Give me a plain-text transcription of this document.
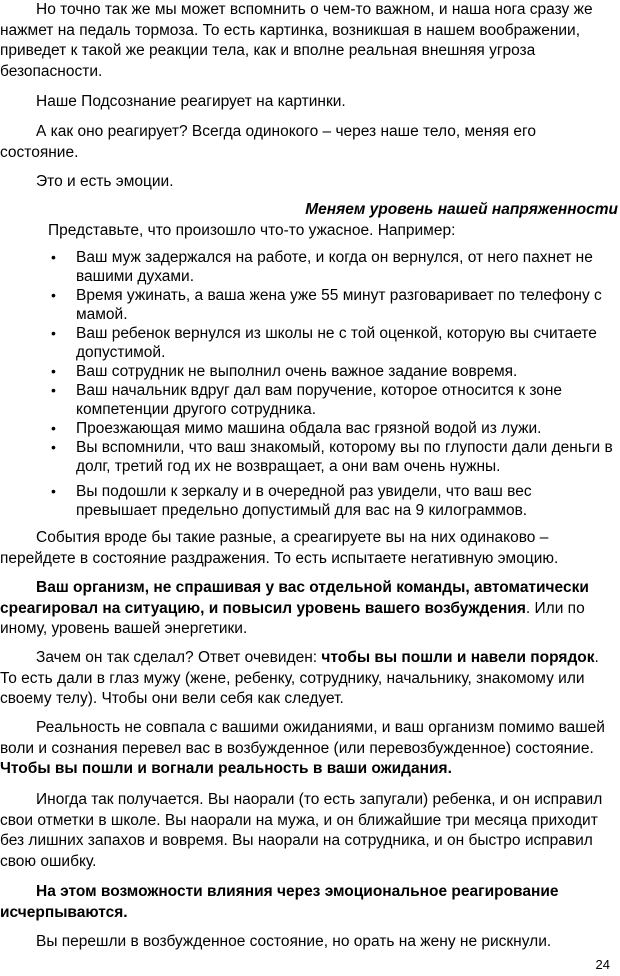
Но точно так же мы может вспомнить о чем-то важном, и наша нога сразу же нажмет на педаль тормоза. То есть картинка, возникшая в нашем воображении, приведет к такой же реакции тела, как и вполне реальная внешняя угроза безопасности.

Наше Подсознание реагирует на картинки.

А как оно реагирует? Всегда одинокого – через наше тело, меняя его состояние.

Это и есть эмоции.

Меняем уровень нашей напряженности

Представьте, что произошло что-то ужасное. Например:

• Ваш муж задержался на работе, и когда он вернулся, от него пахнет не вашими духами.
• Время ужинать, а ваша жена уже 55 минут разговаривает по телефону с мамой.
• Ваш ребенок вернулся из школы не с той оценкой, которую вы считаете допустимой.
• Ваш сотрудник не выполнил очень важное задание вовремя.
• Ваш начальник вдруг дал вам поручение, которое относится к зоне компетенции другого сотрудника.
• Проезжающая мимо машина обдала вас грязной водой из лужи.
• Вы вспомнили, что ваш знакомый, которому вы по глупости дали деньги в долг, третий год их не возвращает, а они вам очень нужны.
• Вы подошли к зеркалу и в очередной раз увидели, что ваш вес превышает предельно допустимый для вас на 9 килограммов.

События вроде бы такие разные, а среагируете вы на них одинаково – перейдете в состояние раздражения. То есть испытаете негативную эмоцию.

Ваш организм, не спрашивая у вас отдельной команды, автоматически среагировал на ситуацию, и повысил уровень вашего возбуждения. Или по иному, уровень вашей энергетики.

Зачем он так сделал? Ответ очевиден: чтобы вы пошли и навели порядок. То есть дали в глаз мужу (жене, ребенку, сотруднику, начальнику, знакомому или своему телу). Чтобы они вели себя как следует.

Реальность не совпала с вашими ожиданиями, и ваш организм помимо вашей воли и сознания перевел вас в возбужденное (или перевозбужденное) состояние. Чтобы вы пошли и вогнали реальность в ваши ожидания.

Иногда так получается. Вы наорали (то есть запугали) ребенка, и он исправил свои отметки в школе. Вы наорали на мужа, и он ближайшие три месяца приходит без лишних запахов и вовремя. Вы наорали на сотрудника, и он быстро исправил свою ошибку.

На этом возможности влияния через эмоциональное реагирование исчерпываются.

Вы перешли в возбужденное состояние, но орать на жену не рискнули.

24
